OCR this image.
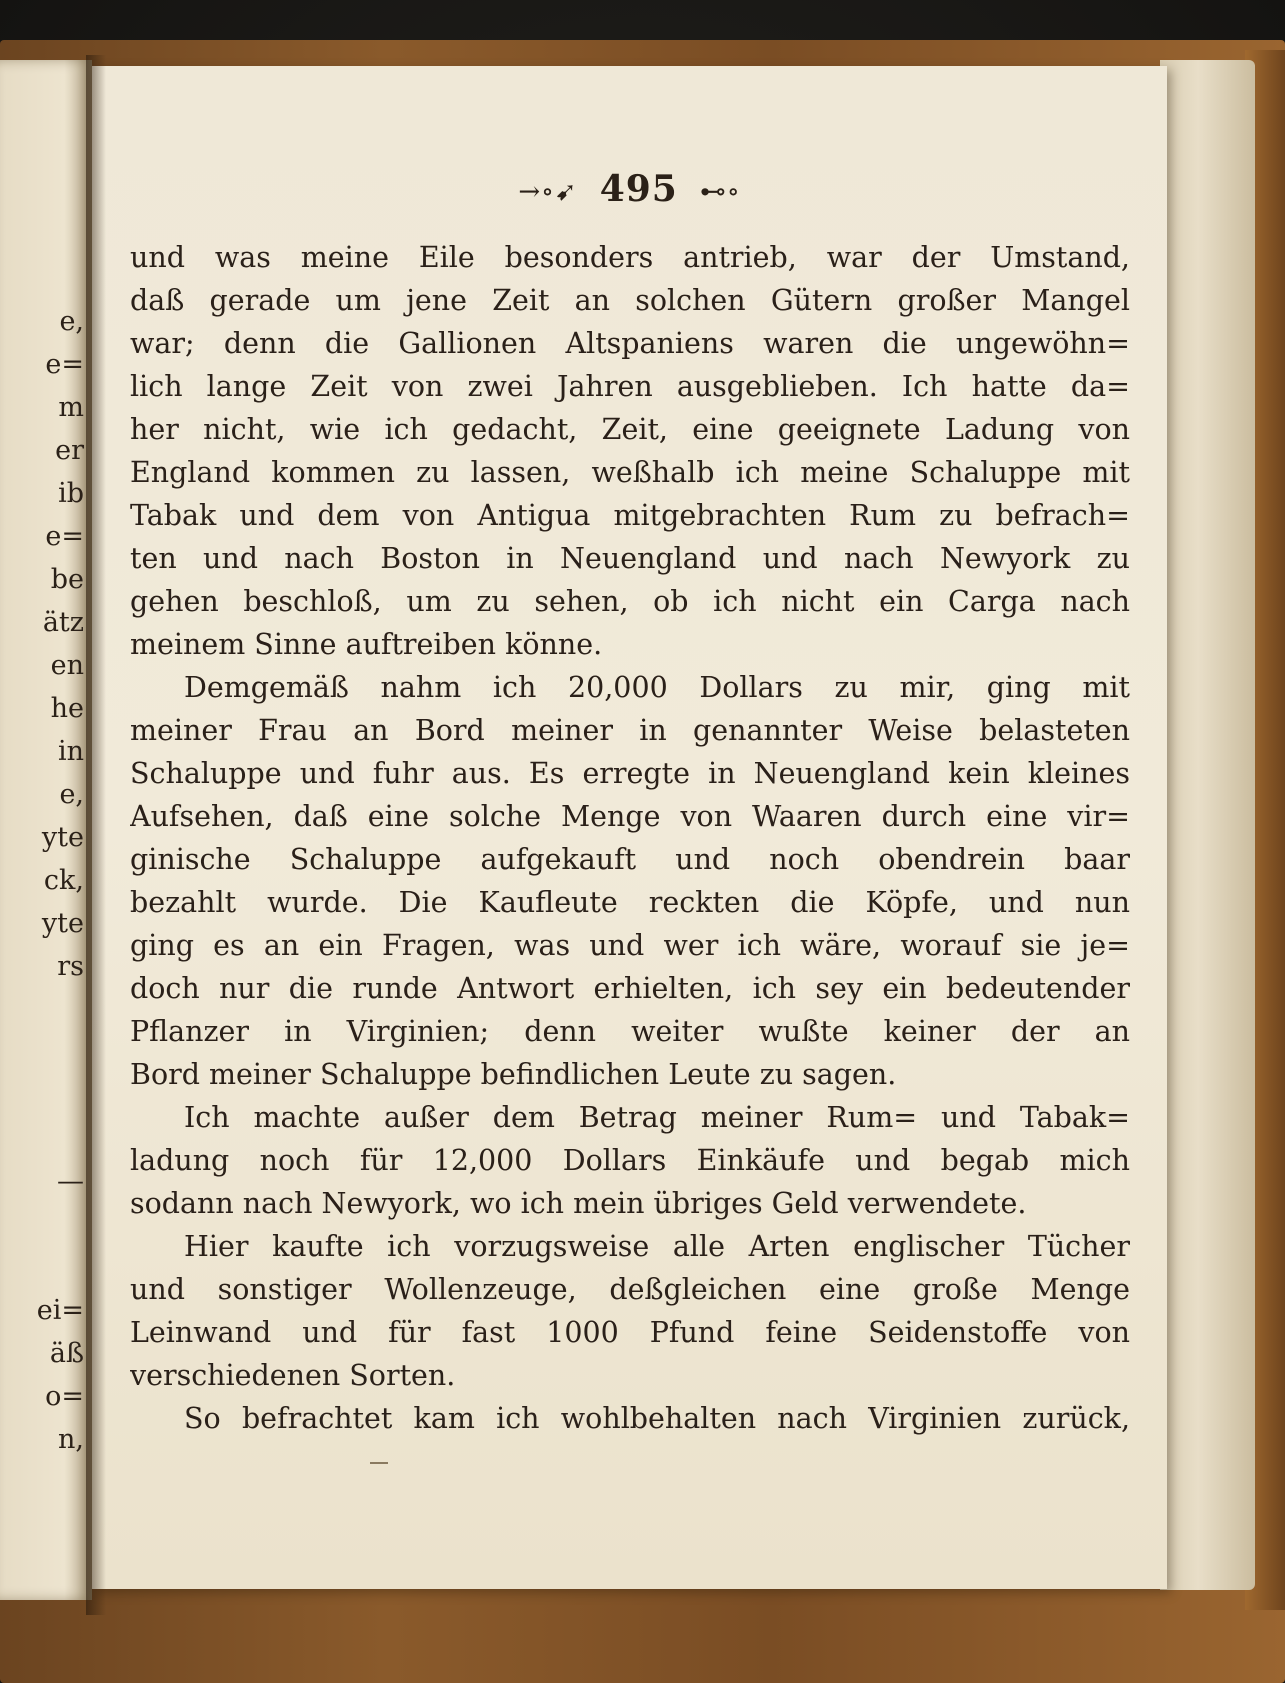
e,
e=
m
er
ib
e=
be
ätz
en
he
in
e,
yte
ck,
yte
rs
—
ei=
äß
o=
n,
→∘➹ 495 ⊷∘
und was meine Eile besonders antrieb, war der Umstand,
daß gerade um jene Zeit an solchen Gütern großer Mangel
war; denn die Gallionen Altspaniens waren die ungewöhn=
lich lange Zeit von zwei Jahren ausgeblieben. Ich hatte da=
her nicht, wie ich gedacht, Zeit, eine geeignete Ladung von
England kommen zu lassen, weßhalb ich meine Schaluppe mit
Tabak und dem von Antigua mitgebrachten Rum zu befrach=
ten und nach Boston in Neuengland und nach Newyork zu
gehen beschloß, um zu sehen, ob ich nicht ein Carga nach
meinem Sinne auftreiben könne.
Demgemäß nahm ich 20,000 Dollars zu mir, ging mit
meiner Frau an Bord meiner in genannter Weise belasteten
Schaluppe und fuhr aus. Es erregte in Neuengland kein kleines
Aufsehen, daß eine solche Menge von Waaren durch eine vir=
ginische Schaluppe aufgekauft und noch obendrein baar
bezahlt wurde. Die Kaufleute reckten die Köpfe, und nun
ging es an ein Fragen, was und wer ich wäre, worauf sie je=
doch nur die runde Antwort erhielten, ich sey ein bedeutender
Pflanzer in Virginien; denn weiter wußte keiner der an
Bord meiner Schaluppe befindlichen Leute zu sagen.
Ich machte außer dem Betrag meiner Rum= und Tabak=
ladung noch für 12,000 Dollars Einkäufe und begab mich
sodann nach Newyork, wo ich mein übriges Geld verwendete.
Hier kaufte ich vorzugsweise alle Arten englischer Tücher
und sonstiger Wollenzeuge, deßgleichen eine große Menge
Leinwand und für fast 1000 Pfund feine Seidenstoffe von
verschiedenen Sorten.
So befrachtet kam ich wohlbehalten nach Virginien zurück,
